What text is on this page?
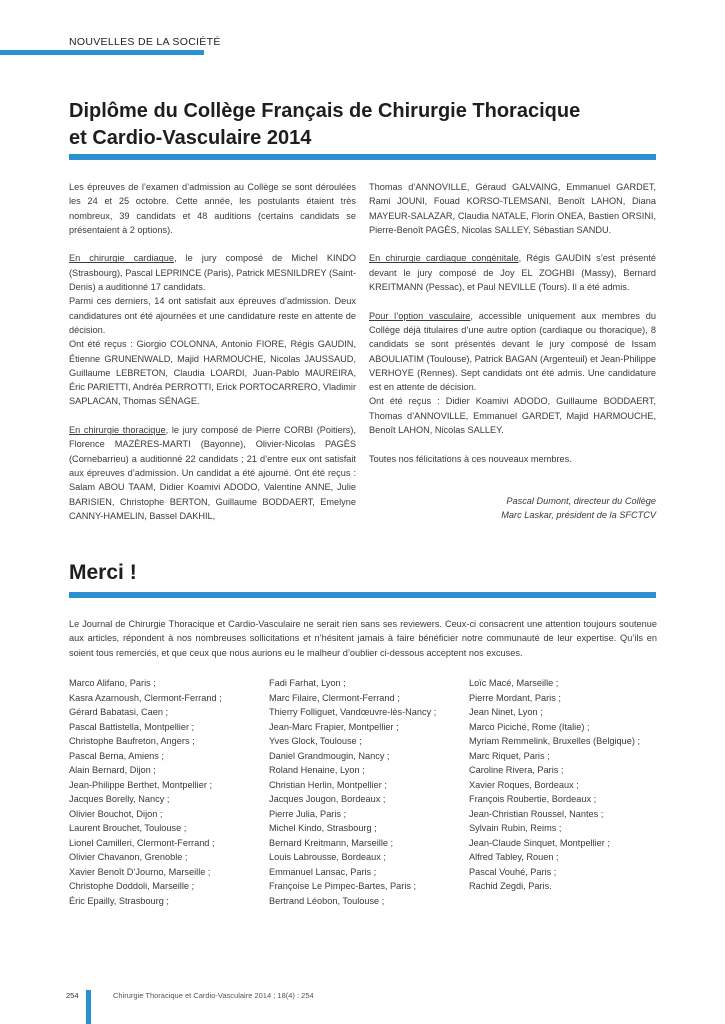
NOUVELLES DE LA SOCIÉTÉ
Diplôme du Collège Français de Chirurgie Thoracique
et Cardio-Vasculaire 2014

Les épreuves de l’examen d’admission au Collège se sont déroulées les 24 et 25 octobre. Cette année, les postulants étaient très nombreux, 39 candidats et 48 auditions (certains candidats se présentaient à 2 options).

En chirurgie cardiaque, le jury composé de Michel KINDO (Strasbourg), Pascal LEPRINCE (Paris), Patrick MESNILDREY (Saint-Denis) a auditionné 17 candidats.

Parmi ces derniers, 14 ont satisfait aux épreuves d’admission. Deux candidatures ont été ajournées et une candidature reste en attente de décision.

Ont été reçus : Giorgio COLONNA, Antonio FIORE, Régis GAUDIN, Étienne GRUNENWALD, Majid HARMOUCHE, Nicolas JAUSSAUD, Guillaume LEBRETON, Claudia LOARDI, Juan-Pablo MAUREIRA, Éric PARIETTI, Andréa PERROTTI, Erick PORTOCARRERO, Vladimir SAPLACAN, Thomas SÉNAGE.

En chirurgie thoracique, le jury composé de Pierre CORBI (Poitiers), Florence MAZÈRES-MARTI (Bayonne), Olivier-Nicolas PAGÈS (Cornebarrieu) a auditionné 22 candidats ; 21 d’entre eux ont satisfait aux épreuves d’admission. Un candidat a été ajourné. Ont été reçus : Salam ABOU TAAM, Didier Koamivi ADODO, Valentine ANNE, Julie BARISIEN, Christophe BERTON, Guillaume BODDAERT, Emelyne CANNY-HAMELIN, Bassel DAKHIL,

Thomas d’ANNOVILLE, Géraud GALVAING, Emmanuel GARDET, Rami JOUNI, Fouad KORSO-TLEMSANI, Benoît LAHON, Diana MAYEUR-SALAZAR, Claudia NATALE, Florin ONEA, Bastien ORSINI, Pierre-Benoît PAGÈS, Nicolas SALLEY, Sébastian SANDU.

En chirurgie cardiaque congénitale, Régis GAUDIN s’est présenté devant le jury composé de Joy EL ZOGHBI (Massy), Bernard KREITMANN (Pessac), et Paul NEVILLE (Tours). Il a été admis.

Pour l’option vasculaire, accessible uniquement aux membres du Collège déjà titulaires d’une autre option (cardiaque ou thoracique), 8 candidats se sont présentés devant le jury composé de Issam ABOULIATIM (Toulouse), Patrick BAGAN (Argenteuil) et Jean-Philippe VERHOYE (Rennes). Sept candidats ont été admis. Une candidature est en attente de décision.

Ont été reçus : Didier Koamivi ADODO, Guillaume BODDAERT, Thomas d’ANNOVILLE, Emmanuel GARDET, Majid HARMOUCHE, Benoît LAHON, Nicolas SALLEY.

Toutes nos félicitations à ces nouveaux membres.

Pascal Dumont, directeur du Collège

Marc Laskar, président de la SFCTCV

Merci !

Le Journal de Chirurgie Thoracique et Cardio-Vasculaire ne serait rien sans ses reviewers. Ceux-ci consacrent une attention toujours soutenue aux articles, répondent à nos nombreuses sollicitations et n’hésitent jamais à faire bénéficier notre communauté de leur expertise. Qu’ils en soient tous remerciés, et que ceux que nous aurions eu le malheur d’oublier ci-dessous acceptent nos excuses.

Marco Alifano, Paris ;
Kasra Azarnoush, Clermont-Ferrand ;
Gérard Babatasi, Caen ;
Pascal Battistella, Montpellier ;
Christophe Baufreton, Angers ;
Pascal Berna, Amiens ;
Alain Bernard, Dijon ;
Jean-Philippe Berthet, Montpellier ;
Jacques Borelly, Nancy ;
Olivier Bouchot, Dijon ;
Laurent Brouchet, Toulouse ;
Lionel Camilleri, Clermont-Ferrand ;
Olivier Chavanon, Grenoble ;
Xavier Benoît D’Journo, Marseille ;
Christophe Doddoli, Marseille ;
Éric Epailly, Strasbourg ;
Fadi Farhat, Lyon ;
Marc Filaire, Clermont-Ferrand ;
Thierry Folliguet, Vandœuvre-lès-Nancy ;
Jean-Marc Frapier, Montpellier ;
Yves Glock, Toulouse ;
Daniel Grandmougin, Nancy ;
Roland Henaine, Lyon ;
Christian Herlin, Montpellier ;
Jacques Jougon, Bordeaux ;
Pierre Julia, Paris ;
Michel Kindo, Strasbourg ;
Bernard Kreitmann, Marseille ;
Louis Labrousse, Bordeaux ;
Emmanuel Lansac, Paris ;
Françoise Le Pimpec-Bartes, Paris ;
Bertrand Léobon, Toulouse ;
Loïc Macé, Marseille ;
Pierre Mordant, Paris ;
Jean Ninet, Lyon ;
Marco Piciché, Rome (Italie) ;
Myriam Remmelink, Bruxelles (Belgique) ;
Marc Riquet, Paris ;
Caroline Rivera, Paris ;
Xavier Roques, Bordeaux ;
François Roubertie, Bordeaux ;
Jean-Christian Roussel, Nantes ;
Sylvain Rubin, Reims ;
Jean-Claude Sinquet, Montpellier ;
Alfred Tabley, Rouen ;
Pascal Vouhé, Paris ;
Rachid Zegdi, Paris.
254	Chirurgie Thoracique et Cardio-Vasculaire 2014 ; 18(4) : 254
